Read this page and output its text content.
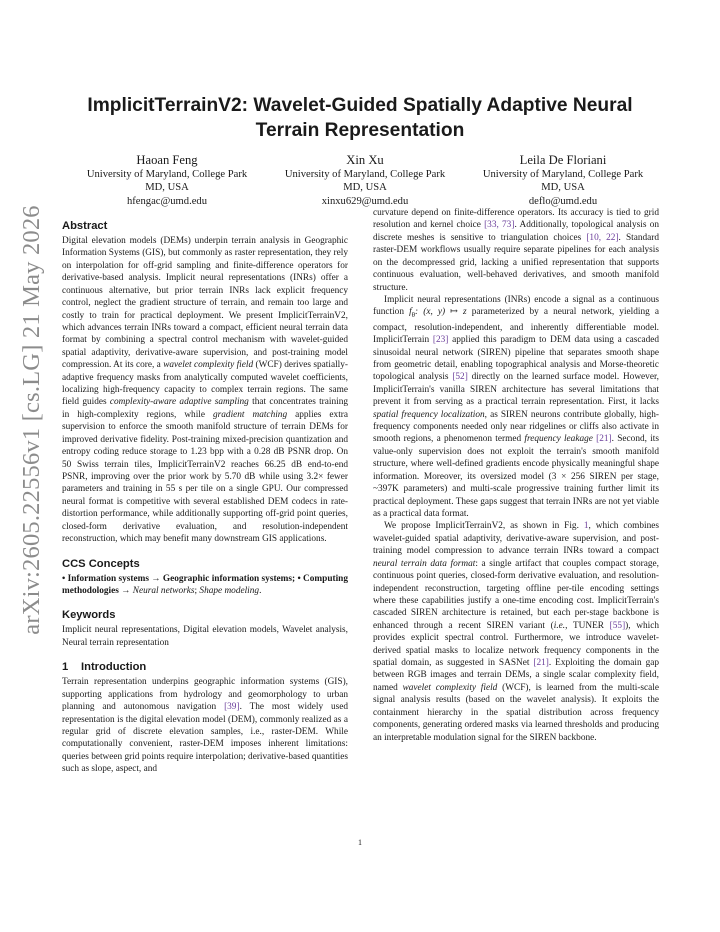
arXiv:2605.22556v1 [cs.LG] 21 May 2026
ImplicitTerrainV2: Wavelet-Guided Spatially Adaptive Neural Terrain Representation
Haoan Feng
University of Maryland, College Park
MD, USA
hfengac@umd.edu
Xin Xu
University of Maryland, College Park
MD, USA
xinxu629@umd.edu
Leila De Floriani
University of Maryland, College Park
MD, USA
deflo@umd.edu
Abstract

Digital elevation models (DEMs) underpin terrain analysis in Geographic Information Systems (GIS), but commonly as raster representation, they rely on interpolation for off-grid sampling and finite-difference operators for derivative-based analysis. Implicit neural representations (INRs) offer a continuous alternative, but prior terrain INRs lack explicit frequency control, neglect the gradient structure of terrain, and remain too large and costly to train for practical deployment. We present ImplicitTerrainV2, which advances terrain INRs toward a compact, efficient neural terrain data format by combining a spectral control mechanism with wavelet-guided spatial adaptivity, derivative-aware supervision, and post-training model compression. At its core, a wavelet complexity field (WCF) derives spatially-adaptive frequency masks from analytically computed wavelet coefficients, localizing high-frequency capacity to complex terrain regions. The same field guides complexity-aware adaptive sampling that concentrates training in high-complexity regions, while gradient matching applies extra supervision to enforce the smooth manifold structure of terrain DEMs for improved derivative fidelity. Post-training mixed-precision quantization and entropy coding reduce storage to 1.23 bpp with a 0.28 dB PSNR drop. On 50 Swiss terrain tiles, ImplicitTerrainV2 reaches 66.25 dB end-to-end PSNR, improving over the prior work by 5.70 dB while using 3.2× fewer parameters and training in 55 s per tile on a single GPU. Our compressed neural format is competitive with several established DEM codecs in rate-distortion performance, while additionally supporting off-grid point queries, closed-form derivative evaluation, and resolution-independent reconstruction, which may benefit many downstream GIS applications.

CCS Concepts

• Information systems → Geographic information systems; • Computing methodologies → Neural networks; Shape modeling.

Keywords

Implicit neural representations, Digital elevation models, Wavelet analysis, Neural terrain representation

1 Introduction

Terrain representation underpins geographic information systems (GIS), supporting applications from hydrology and geomorphology to urban planning and autonomous navigation [39]. The most widely used representation is the digital elevation model (DEM), commonly realized as a regular grid of discrete elevation samples, i.e., raster-DEM. While computationally convenient, raster-DEM imposes inherent limitations: queries between grid points require interpolation; derivative-based quantities such as slope, aspect, and

curvature depend on finite-difference operators. Its accuracy is tied to grid resolution and kernel choice [33, 73]. Additionally, topological analysis on discrete meshes is sensitive to triangulation choices [10, 22]. Standard raster-DEM workflows usually require separate pipelines for each analysis on the decompressed grid, lacking a unified representation that supports continuous evaluation, well-behaved derivatives, and smooth manifold structure.

Implicit neural representations (INRs) encode a signal as a continuous function $f_\theta$: (x, y) ↦ z parameterized by a neural network, yielding a compact, resolution-independent, and inherently differentiable model. ImplicitTerrain [23] applied this paradigm to DEM data using a cascaded sinusoidal neural network (SIREN) pipeline that separates smooth shape from geometric detail, enabling topographical analysis and Morse-theoretic topological analysis [52] directly on the learned surface model. However, ImplicitTerrain's vanilla SIREN architecture has several limitations that prevent it from serving as a practical terrain representation. First, it lacks spatial frequency localization, as SIREN neurons contribute globally, high-frequency components needed only near ridgelines or cliffs also activate in smooth regions, a phenomenon termed frequency leakage [21]. Second, its value-only supervision does not exploit the terrain's smooth manifold structure, where well-defined gradients encode physically meaningful shape information. Moreover, its oversized model (3 × 256 SIREN per stage, ~397K parameters) and multi-scale progressive training further limit its practical deployment. These gaps suggest that terrain INRs are not yet viable as a practical data format.

We propose ImplicitTerrainV2, as shown in Fig. 1, which combines wavelet-guided spatial adaptivity, derivative-aware supervision, and post-training model compression to advance terrain INRs toward a compact neural terrain data format: a single artifact that couples compact storage, continuous point queries, closed-form derivative evaluation, and resolution-independent reconstruction, targeting offline per-tile encoding settings where these capabilities justify a one-time encoding cost. ImplicitTerrain's cascaded SIREN architecture is retained, but each per-stage backbone is enhanced through a recent SIREN variant (i.e., TUNER [55]), which provides explicit spectral control. Furthermore, we introduce wavelet-derived spatial masks to localize network frequency components in the spatial domain, as suggested in SASNet [21]. Exploiting the domain gap between RGB images and terrain DEMs, a single scalar complexity field, named wavelet complexity field (WCF), is learned from the multi-scale signal analysis results (based on the wavelet analysis). It exploits the containment hierarchy in the spatial distribution across frequency components, generating ordered masks via learned thresholds and producing an interpretable modulation signal for the SIREN backbone.

1
